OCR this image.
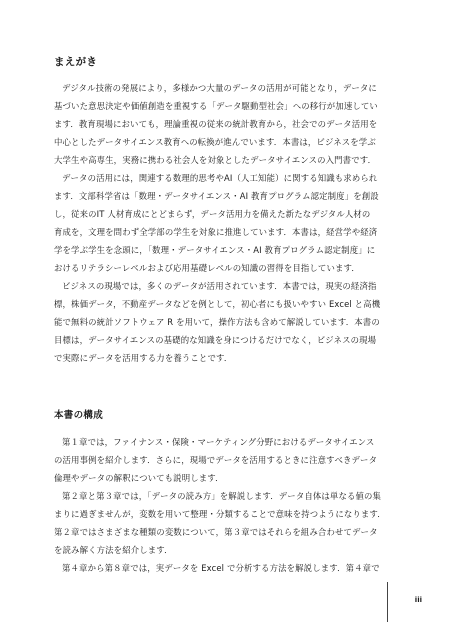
まえがき
デジタル技術の発展により，多様かつ大量のデータの活用が可能となり，データに
基づいた意思決定や価値創造を重視する「データ駆動型社会」への移行が加速してい
ます．教育現場においても，理論重視の従来の統計教育から，社会でのデータ活用を
中心としたデータサイエンス教育への転換が進んでいます．本書は，ビジネスを学ぶ
大学生や高専生，実務に携わる社会人を対象としたデータサイエンスの入門書です．
データの活用には，関連する数理的思考やAI（人工知能）に関する知識も求められ
ます．文部科学省は「数理・データサイエンス・AI 教育プログラム認定制度」を創設
し，従来のIT 人材育成にとどまらず，データ活用力を備えた新たなデジタル人材の
育成を，文理を問わず全学部の学生を対象に推進しています．本書は，経営学や経済
学を学ぶ学生を念頭に，「数理・データサイエンス・AI 教育プログラム認定制度」に
おけるリテラシーレベルおよび応用基礎レベルの知識の習得を目指しています．
ビジネスの現場では，多くのデータが活用されています．本書では，現実の経済指
標，株価データ，不動産データなどを例として，初心者にも扱いやすい Excel と高機
能で無料の統計ソフトウェア R を用いて，操作方法も含めて解説しています．本書の
目標は，データサイエンスの基礎的な知識を身につけるだけでなく，ビジネスの現場
で実際にデータを活用する力を養うことです．
本書の構成
第１章では，ファイナンス・保険・マーケティング分野におけるデータサイエンス
の活用事例を紹介します．さらに，現場でデータを活用するときに注意すべきデータ
倫理やデータの解釈についても説明します．
第２章と第３章では，「データの読み方」を解説します．データ自体は単なる値の集
まりに過ぎませんが，変数を用いて整理・分類することで意味を持つようになります．
第２章ではさまざまな種類の変数について，第３章ではそれらを組み合わせてデータ
を読み解く方法を紹介します．
第４章から第８章では，実データを Excel で分析する方法を解説します．第４章で
iii
